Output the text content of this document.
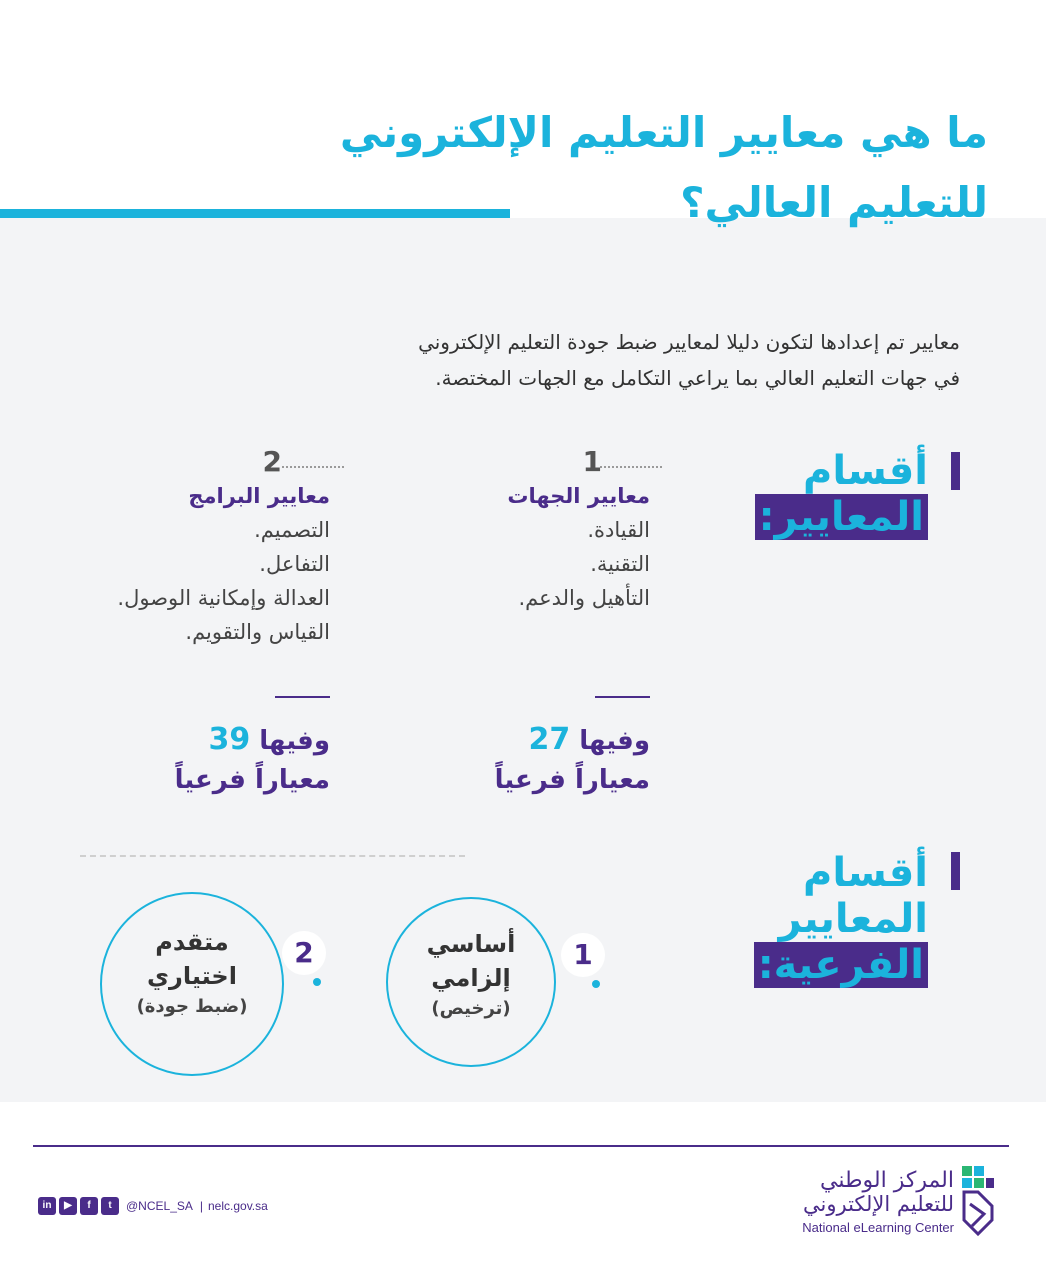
ما هي معايير التعليم الإلكتروني
للتعليم العالي؟
معايير تم إعدادها لتكون دليلا لمعايير ضبط جودة التعليم الإلكتروني
في جهات التعليم العالي بما يراعي التكامل مع الجهات المختصة.
أقسام
المعايير:
1
معايير الجهات
القيادة.
التقنية.
التأهيل والدعم.
وفيها 27
معياراً فرعياً
2
معايير البرامج
التصميم.
التفاعل.
العدالة وإمكانية الوصول.
القياس والتقويم.
وفيها 39
معياراً فرعياً
أقسام
المعايير
الفرعية:
1
أساسي
إلزامي
(ترخيص)
2
متقدم
اختياري
(ضبط جودة)
in	▶	f	t	@NCEL_SA | nelc.gov.sa
المركز الوطني
للتعليم الإلكتروني
National eLearning Center
